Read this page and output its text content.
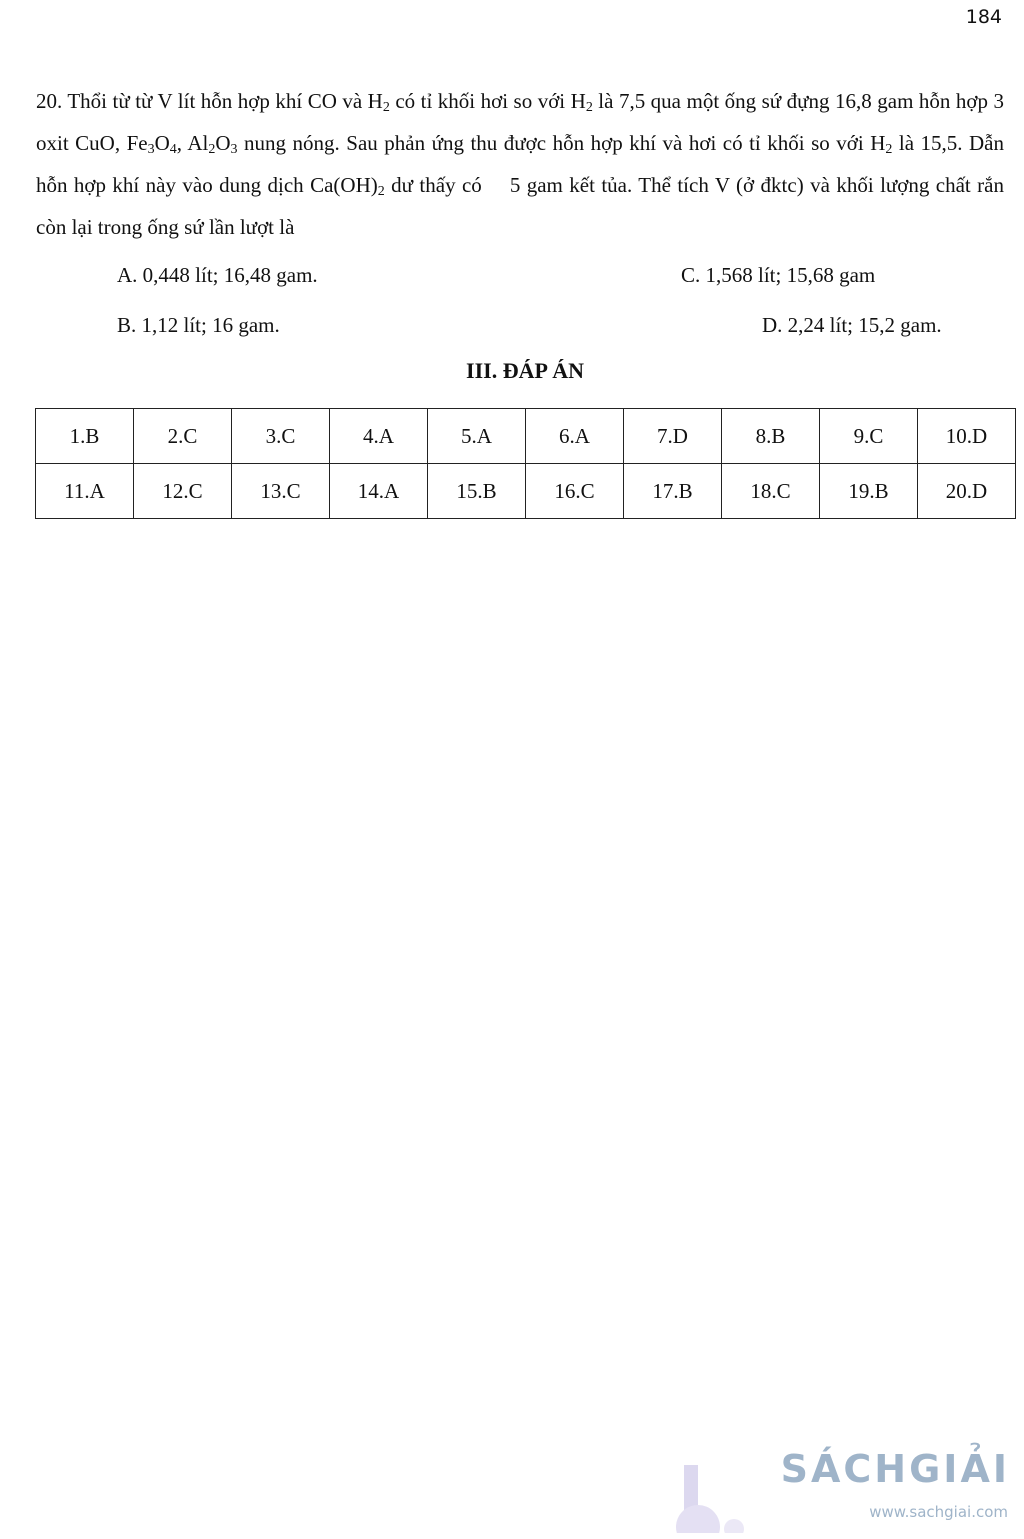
184

20. Thổi từ từ V lít hỗn hợp khí CO và $H_2$ có tỉ khối hơi so với $H_2$ là 7,5 qua một ống sứ đựng 16,8 gam hỗn hợp 3 oxit CuO, $Fe_3O_4$, $Al_2O_3$ nung nóng. Sau phản ứng thu được hỗn hợp khí và hơi có tỉ khối so với $H_2$ là 15,5. Dẫn hỗn hợp khí này vào dung dịch $Ca(OH)_2$ dư thấy có 5 gam kết tủa. Thể tích V (ở đktc) và khối lượng chất rắn còn lại trong ống sứ lần lượt là

A. 0,448 lít; 16,48 gam.	C. 1,568 lít; 15,68 gam
B. 1,12 lít; 16 gam.	D. 2,24 lít; 15,2 gam.
III. ĐÁP ÁN
1.B	2.C	3.C	4.A	5.A	6.A	7.D	8.B	9.C	10.D
11.A	12.C	13.C	14.A	15.B	16.C	17.B	18.C	19.B	20.D
SÁCHGIẢI
www.sachgiai.com
